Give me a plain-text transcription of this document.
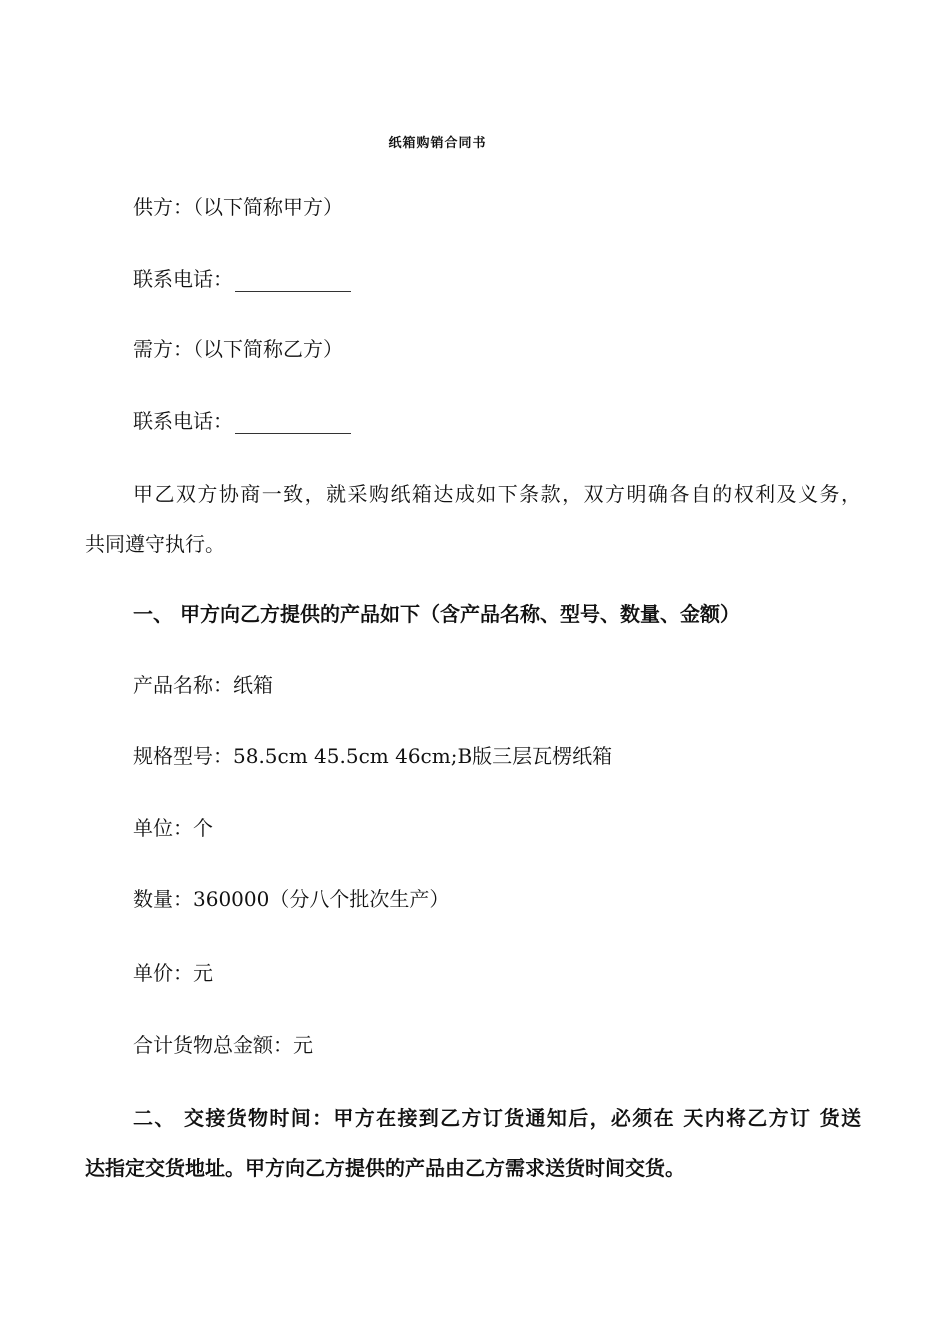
纸箱购销合同书
供方：（以下简称甲方）
联系电话：
需方：（以下简称乙方）
联系电话：
甲乙双方协商一致，就采购纸箱达成如下条款，双方明确各自的权利及义务，
共同遵守执行。
一、 甲方向乙方提供的产品如下（含产品名称、型号、数量、金额）
产品名称：纸箱
规格型号：58.5cm 45.5cm 46cm;B版三层瓦楞纸箱
单位：个
数量：360000（分八个批次生产）
单价：元
合计货物总金额：元
二、 交接货物时间：甲方在接到乙方订货通知后，必须在 天内将乙方订 货送
达指定交货地址。甲方向乙方提供的产品由乙方需求送货时间交货。
